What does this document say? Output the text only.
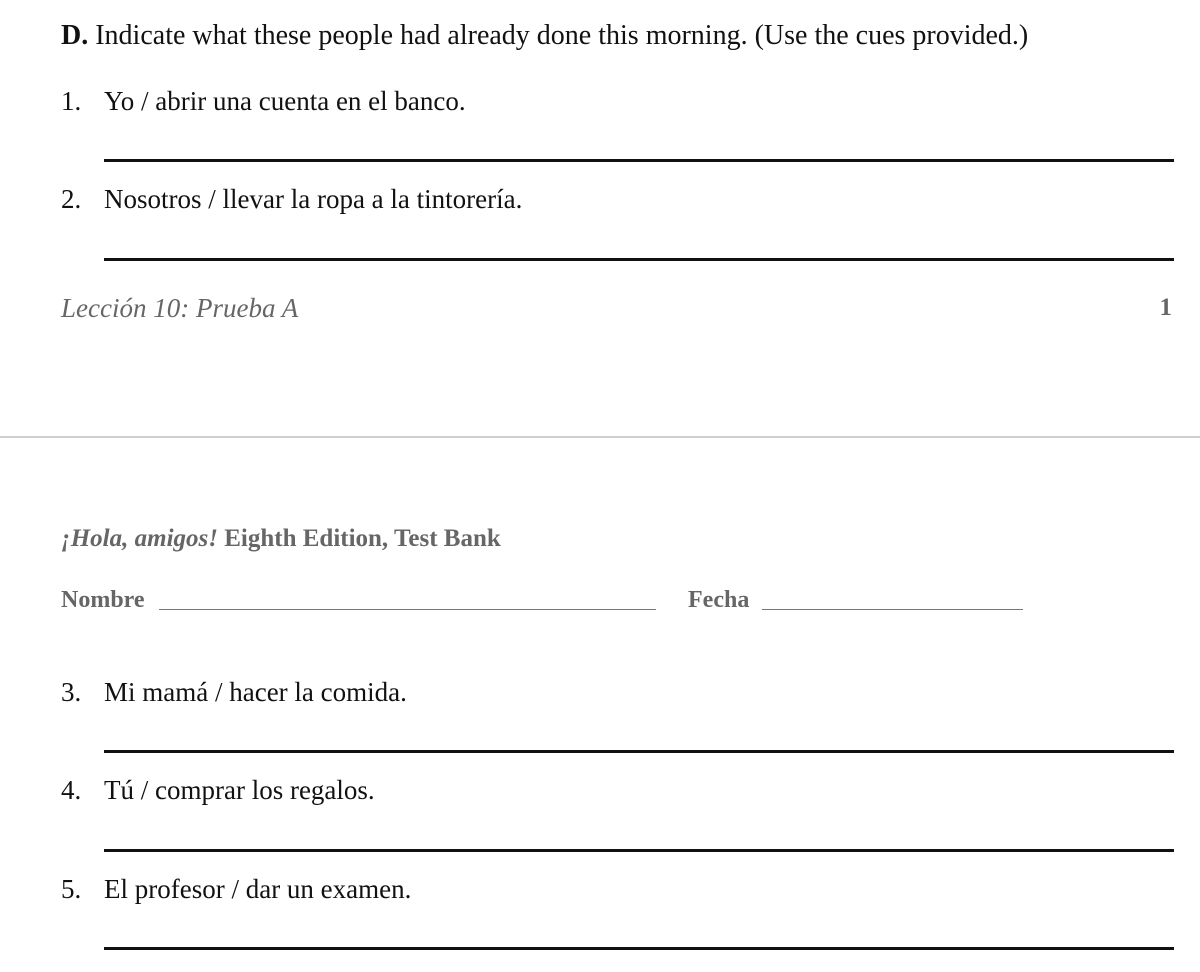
D. Indicate what these people had already done this morning. (Use the cues provided.)
1. Yo / abrir una cuenta en el banco.
2. Nosotros / llevar la ropa a la tintorería.
Lección 10: Prueba A	1
¡Hola, amigos! Eighth Edition, Test Bank
Nombre	Fecha
3. Mi mamá / hacer la comida.
4. Tú / comprar los regalos.
5. El profesor / dar un examen.
